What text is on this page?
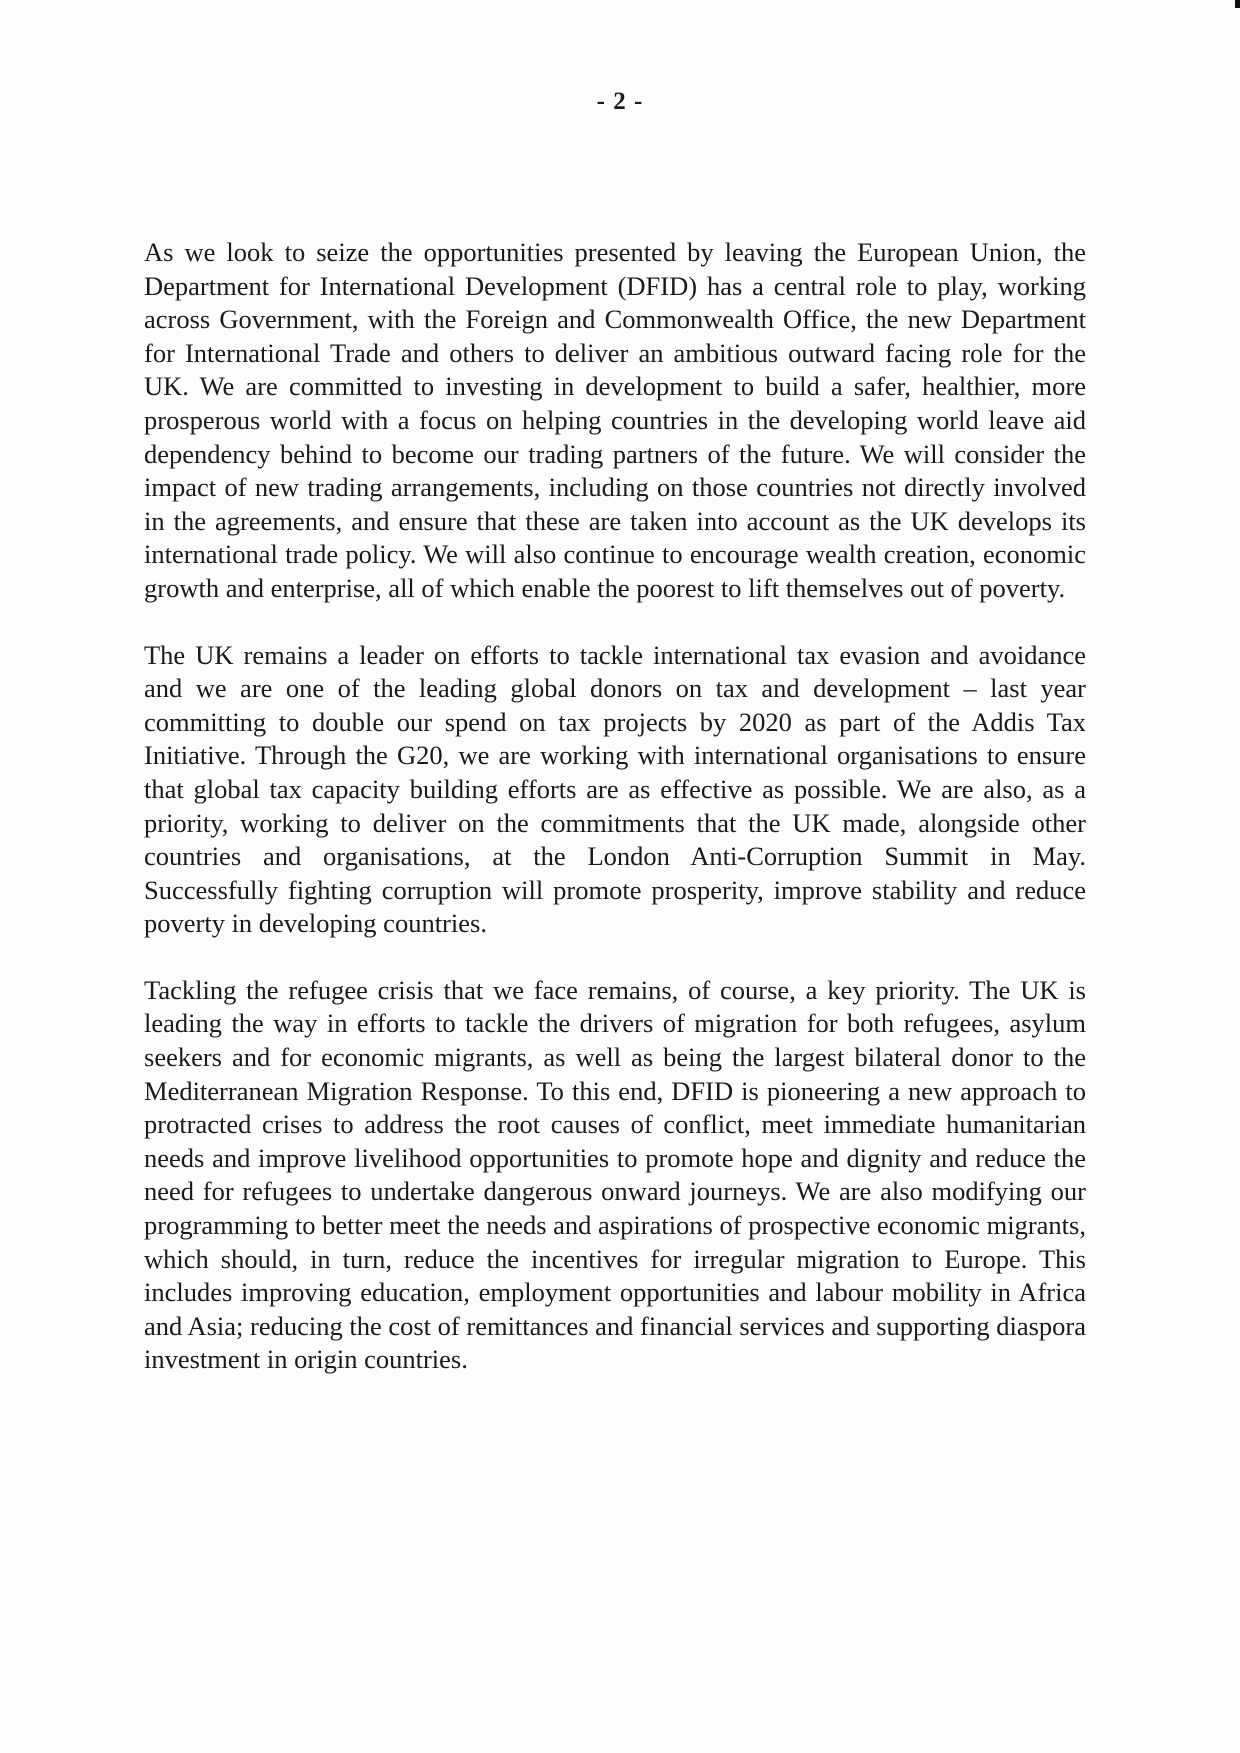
- 2 -

As we look to seize the opportunities presented by leaving the European Union, the Department for International Development (DFID) has a central role to play, working across Government, with the Foreign and Commonwealth Office, the new Department for International Trade and others to deliver an ambitious outward facing role for the UK. We are committed to investing in development to build a safer, healthier, more prosperous world with a focus on helping countries in the developing world leave aid dependency behind to become our trading partners of the future. We will consider the impact of new trading arrangements, including on those countries not directly involved in the agreements, and ensure that these are taken into account as the UK develops its international trade policy. We will also continue to encourage wealth creation, economic growth and enterprise, all of which enable the poorest to lift themselves out of poverty.

The UK remains a leader on efforts to tackle international tax evasion and avoidance and we are one of the leading global donors on tax and development – last year committing to double our spend on tax projects by 2020 as part of the Addis Tax Initiative. Through the G20, we are working with international organisations to ensure that global tax capacity building efforts are as effective as possible. We are also, as a priority, working to deliver on the commitments that the UK made, alongside other countries and organisations, at the London Anti-Corruption Summit in May. Successfully fighting corruption will promote prosperity, improve stability and reduce poverty in developing countries.

Tackling the refugee crisis that we face remains, of course, a key priority. The UK is leading the way in efforts to tackle the drivers of migration for both refugees, asylum seekers and for economic migrants, as well as being the largest bilateral donor to the Mediterranean Migration Response. To this end, DFID is pioneering a new approach to protracted crises to address the root causes of conflict, meet immediate humanitarian needs and improve livelihood opportunities to promote hope and dignity and reduce the need for refugees to undertake dangerous onward journeys. We are also modifying our programming to better meet the needs and aspirations of prospective economic migrants, which should, in turn, reduce the incentives for irregular migration to Europe. This includes improving education, employment opportunities and labour mobility in Africa and Asia; reducing the cost of remittances and financial services and supporting diaspora investment in origin countries.
